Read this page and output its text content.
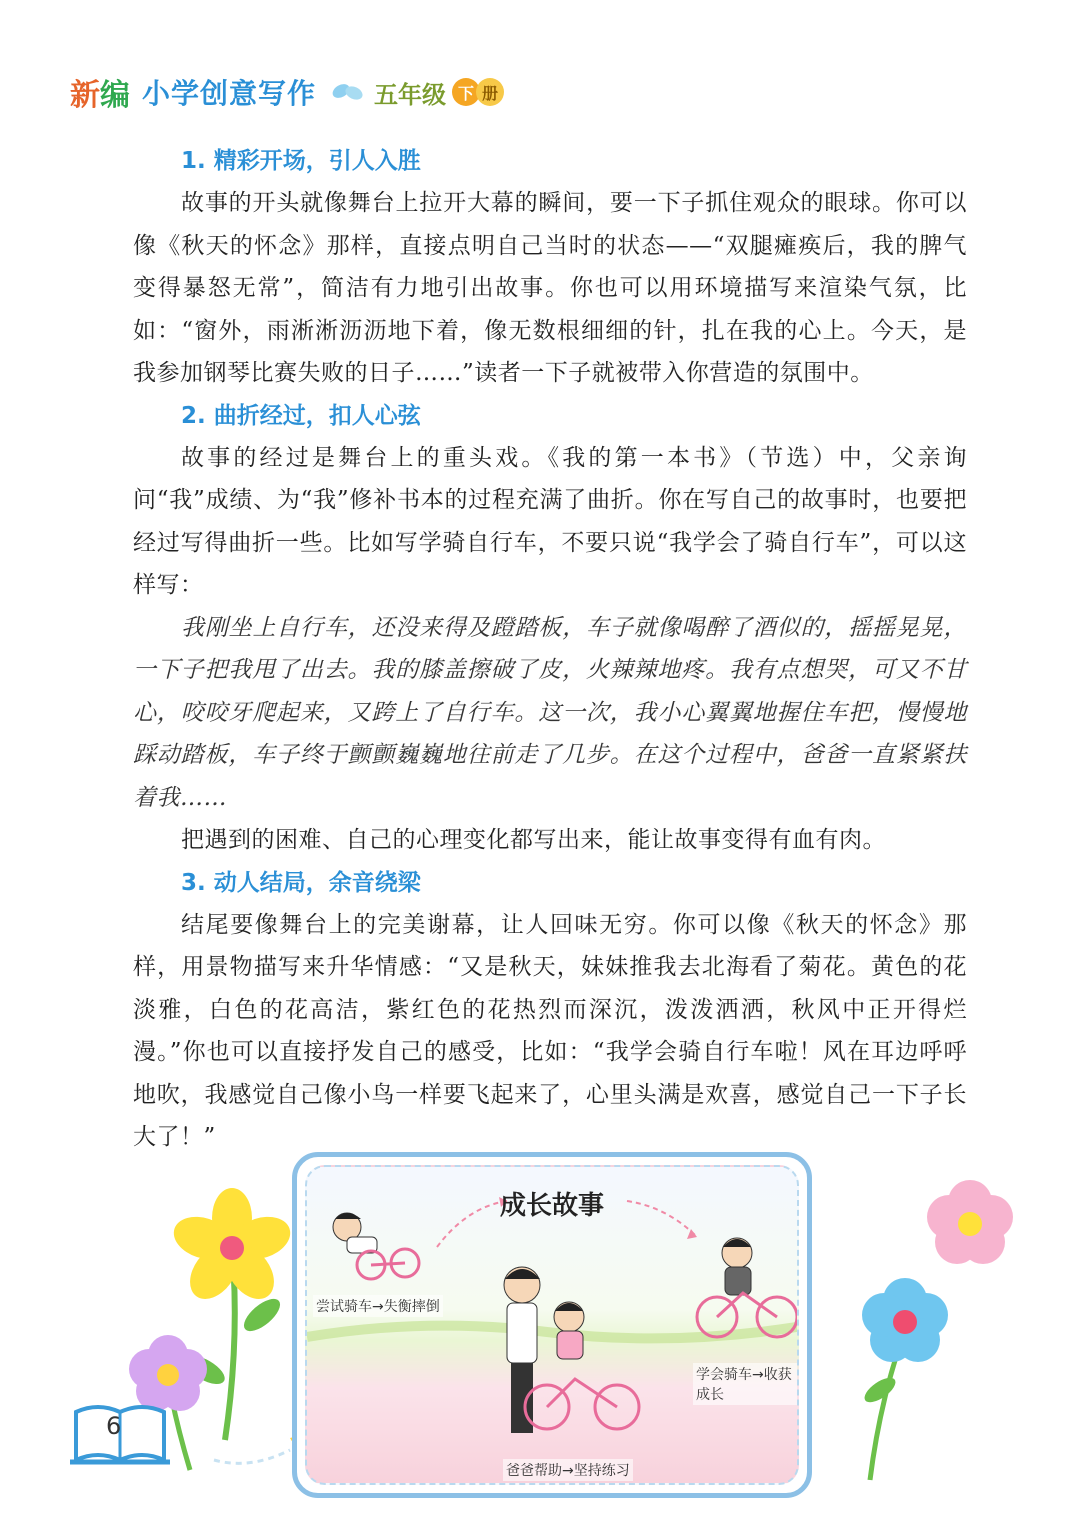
新编 小学创意写作 五年级 下 册
1. 精彩开场，引人入胜

故事的开头就像舞台上拉开大幕的瞬间，要一下子抓住观众的眼球。你可以像《秋天的怀念》那样，直接点明自己当时的状态——“双腿瘫痪后，我的脾气变得暴怒无常”，简洁有力地引出故事。你也可以用环境描写来渲染气氛，比如：“窗外，雨淅淅沥沥地下着，像无数根细细的针，扎在我的心上。今天，是我参加钢琴比赛失败的日子……”读者一下子就被带入你营造的氛围中。

2. 曲折经过，扣人心弦

故事的经过是舞台上的重头戏。《我的第一本书》（节选）中，父亲询问“我”成绩、为“我”修补书本的过程充满了曲折。你在写自己的故事时，也要把经过写得曲折一些。比如写学骑自行车，不要只说“我学会了骑自行车”，可以这样写：

我刚坐上自行车，还没来得及蹬踏板，车子就像喝醉了酒似的，摇摇晃晃，一下子把我甩了出去。我的膝盖擦破了皮，火辣辣地疼。我有点想哭，可又不甘心，咬咬牙爬起来，又跨上了自行车。这一次，我小心翼翼地握住车把，慢慢地踩动踏板，车子终于颤颤巍巍地往前走了几步。在这个过程中，爸爸一直紧紧扶着我……

把遇到的困难、自己的心理变化都写出来，能让故事变得有血有肉。

3. 动人结局，余音绕梁

结尾要像舞台上的完美谢幕，让人回味无穷。你可以像《秋天的怀念》那样，用景物描写来升华情感：“又是秋天，妹妹推我去北海看了菊花。黄色的花淡雅，白色的花高洁，紫红色的花热烈而深沉，泼泼洒洒，秋风中正开得烂漫。”你也可以直接抒发自己的感受，比如：“我学会骑自行车啦！风在耳边呼呼地吹，我感觉自己像小鸟一样要飞起来了，心里头满是欢喜，感觉自己一下子长大了！”

成长故事
尝试骑车→失衡摔倒
爸爸帮助→坚持练习
学会骑车→收获成长
6
